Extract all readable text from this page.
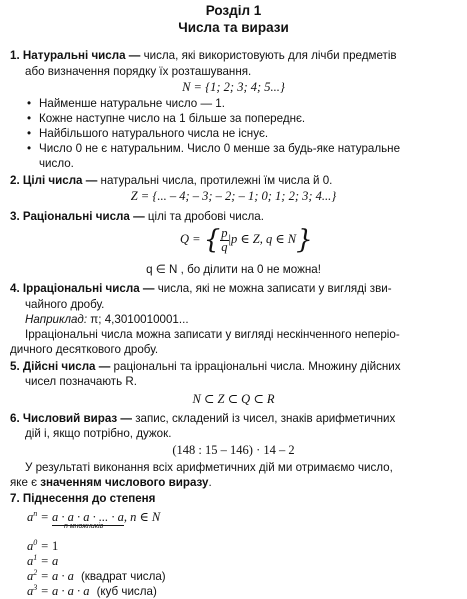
Розділ 1
Числа та вирази
1. Натуральні числа — числа, які використовують для лічби предметів
або визначення порядку їх розташування.
N = {1; 2; 3; 4; 5...}
• Найменше натуральне число — 1.
• Кожне наступне число на 1 більше за попереднє.
• Найбільшого натурального числа не існує.
• Число 0 не є натуральним. Число 0 менше за будь-яке натуральне
число.
2. Цілі числа — натуральні числа, протилежні їм числа й 0.
Z = {... – 4; – 3; – 2; – 1; 0; 1; 2; 3; 4...}
3. Раціональні числа — цілі та дробові числа.
Q = { $\frac{p}{q} |p$ ∈ Z, q ∈ N}
q ∈ N , бо ділити на 0 не можна!
4. Ірраціональні числа — числа, які не можна записати у вигляді зви-
чайного дробу.
Наприклад: π; 4,3010010001...
Ірраціональні числа можна записати у вигляді нескінченного неперіо-
дичного десяткового дробу.
5. Дійсні числа — раціональні та ірраціональні числа. Множину дійсних
чисел позначають R.
N ⊂ Z ⊂ Q ⊂ R
6. Числовий вираз — запис, складений із чисел, знаків арифметичних
дій і, якщо потрібно, дужок.
(148 : 15 – 146) · 14 – 2
У результаті виконання всіх арифметичних дій ми отримаємо число,
яке є значенням числового виразу.
7. Піднесення до степеня
$a^n = a \cdot a \cdot a$ · ... · a, n ∈ N
n множників
$a^0 = 1$
$a^1 = a$
$a^2 = a \cdot a$ (квадрат числа)
$a^3 = a \cdot a \cdot a$ (куб числа)
